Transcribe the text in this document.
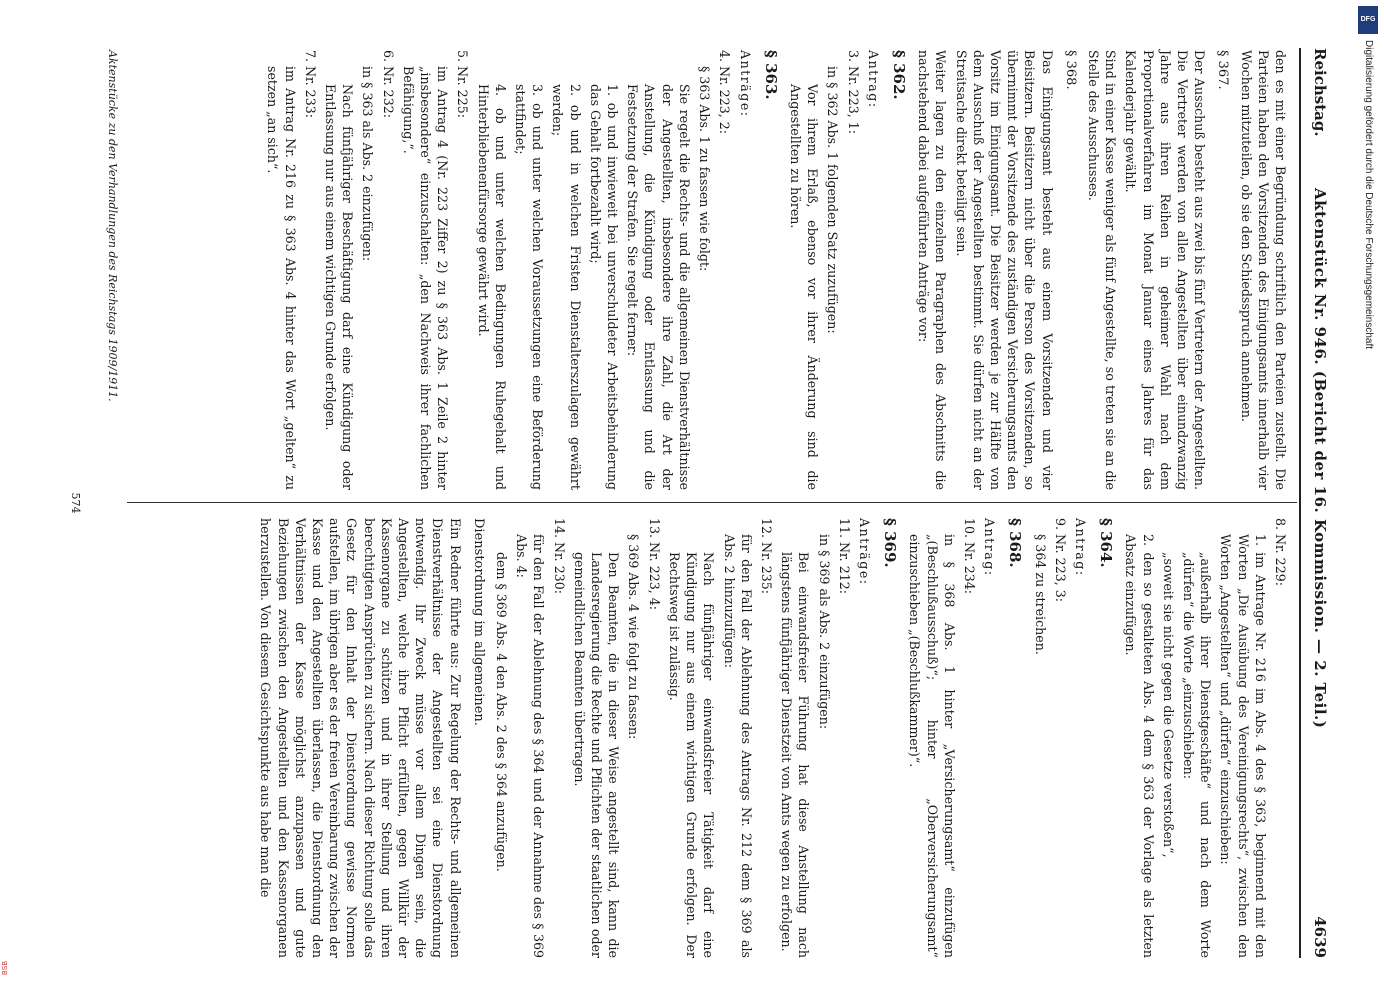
Reichstag.
Aktenstück Nr. 946. (Bericht der 16. Kommission. — 2. Teil.)
4639

den es mit einer Begründung schriftlich den Parteien zustellt. Die Parteien haben den Vorsitzenden des Einigungsamts innerhalb vier Wochen mitzuteilen, ob sie den Schiedsspruch annehmen.

§ 367.

Der Ausschuß besteht aus zwei bis fünf Vertretern der Angestellten. Die Vertreter werden von allen Angestellten über einundzwanzig Jahre aus ihren Reihen in geheimer Wahl nach dem Proportionalverfahren im Monat Januar eines Jahres für das Kalenderjahr gewählt.

Sind in einer Kasse weniger als fünf Angestellte, so treten sie an die Stelle des Ausschusses.

§ 368.

Das Einigungsamt besteht aus einem Vorsitzenden und vier Beisitzern. Beisitzern nicht über die Person des Vorsitzenden, so übernimmt der Vorsitzende des zuständigen Versicherungsamts den Vorsitz im Einigungsamt. Die Beisitzer werden je zur Hälfte von dem Ausschuß der Angestellten bestimmt. Sie dürfen nicht an der Streitsache direkt beteiligt sein.

Weiter lagen zu den einzelnen Paragraphen des Abschnitts die nachstehend dabei aufgeführten Anträge vor:

§ 362.

Antrag:

3. Nr. 223, 1:

in § 362 Abs. 1 folgenden Satz zuzufügen:

Vor ihrem Erlaß, ebenso vor ihrer Änderung sind die Angestellten zu hören.

§ 363.

Anträge:

4. Nr. 223, 2:

§ 363 Abs. 1 zu fassen wie folgt:

Sie regelt die Rechts- und die allgemeinen Dienstverhältnisse der Angestellten, insbesondere ihre Zahl, die Art der Anstellung, die Kündigung oder Entlassung und die Festsetzung der Strafen. Sie regelt ferner:

1. ob und inwieweit bei unverschuldeter Arbeitsbehinderung das Gehalt fortbezahlt wird;

2. ob und in welchen Fristen Dienstalterszulagen gewährt werden;

3. ob und unter welchen Voraussetzungen eine Beförderung stattfindet;

4. ob und unter welchen Bedingungen Ruhegehalt und Hinterbliebenenfürsorge gewährt wird.

5. Nr. 225:

im Antrag 4 (Nr. 223 Ziffer 2) zu § 363 Abs. 1 Zeile 2 hinter „insbesondere“ einzuschalten: „den Nachweis ihrer fachlichen Befähigung,“.

6. Nr. 232:

in § 363 als Abs. 2 einzufügen:

Nach fünfjähriger Beschäftigung darf eine Kündigung oder Entlassung nur aus einem wichtigen Grunde erfolgen.

7. Nr. 233:

im Antrag Nr. 216 zu § 363 Abs. 4 hinter das Wort „gelten“ zu setzen „an sich“.

8. Nr. 229:

1. im Antrage Nr. 216 im Abs. 4 des § 363, beginnend mit den Worten „Die Ausübung des Vereinigungsrechts“, zwischen den Worten „Angestellten“ und „dürfen“ einzuschieben:

„außerhalb ihrer Dienstgeschäfte“ und nach dem Worte „dürfen“ die Worte „einzuschieben:

„soweit sie nicht gegen die Gesetze verstoßen“,

2. den so gestalteten Abs. 4 dem § 363 der Vorlage als letzten Absatz einzufügen.

§ 364.

Antrag:

9. Nr. 223, 3:

§ 364 zu streichen.

§ 368.

Antrag:

10. Nr. 234:

in § 368 Abs. 1 hinter „Versicherungsamt“ einzufügen „(Beschlußausschuß)“; hinter „Oberversicherungsamt“ einzuschieben „(Beschlußkammer)“.

§ 369.

Anträge:

11. Nr. 212:

in § 369 als Abs. 2 einzufügen:

Bei einwandsfreier Führung hat diese Anstellung nach längstens fünfjähriger Dienstzeit von Amts wegen zu erfolgen.

12. Nr. 235:

für den Fall der Ablehnung des Antrags Nr. 212 dem § 369 als Abs. 2 hinzuzufügen:

Nach fünfjähriger einwandsfreier Tätigkeit darf eine Kündigung nur aus einem wichtigen Grunde erfolgen. Der Rechtsweg ist zulässig.

13. Nr. 223, 4:

§ 369 Abs. 4 wie folgt zu fassen:

Den Beamten, die in dieser Weise angestellt sind, kann die Landesregierung die Rechte und Pflichten der staatlichen oder gemeindlichen Beamten übertragen.

14. Nr. 230:

für den Fall der Ablehnung des § 364 und der Annahme des § 369 Abs. 4:

dem § 369 Abs. 4 den Abs. 2 des § 364 anzufügen.

Dienstordnung im allgemeinen.

Ein Redner führte aus: Zur Regelung der Rechts- und allgemeinen Dienstverhältnisse der Angestellten sei eine Dienstordnung notwendig. Ihr Zweck müsse vor allem Dingen sein, die Angestellten, welche ihre Pflicht erfüllten, gegen Willkür der Kassenorgane zu schützen und in ihrer Stellung und ihren berechtigten Ansprüchen zu sichern. Nach dieser Richtung solle das Gesetz für den Inhalt der Dienstordnung gewisse Normen aufstellen, im übrigen aber es der freien Vereinbarung zwischen der Kasse und den Angestellten überlassen, die Dienstordnung den Verhältnissen der Kasse möglichst anzupassen und gute Beziehungen zwischen den Angestellten und den Kassenorganen herzustellen. Von diesem Gesichtspunkte aus habe man die

Aktenstücke zu den Verhandlungen des Reichstags 1909/1911.
574
DFG
Digitalisierung gefördert durch die Deutsche Forschungsgemeinschaft
BSB
